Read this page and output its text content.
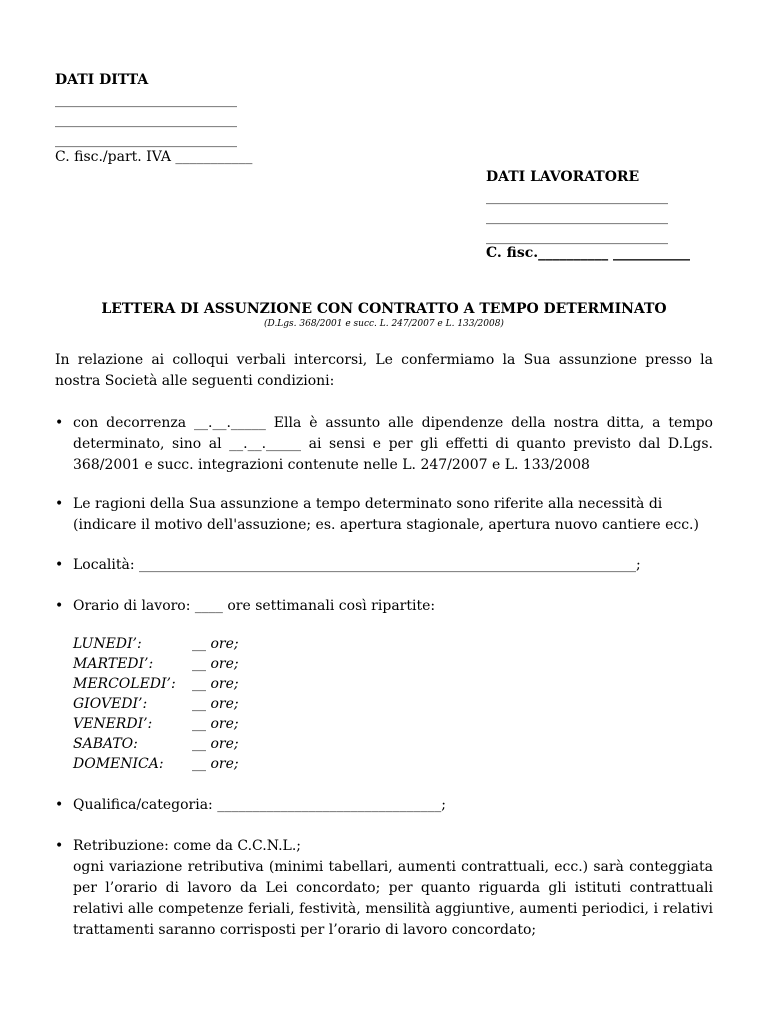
DATI DITTA
__________________________
__________________________
__________________________
C. fisc./part. IVA ___________
DATI LAVORATORE
__________________________
__________________________
__________________________
C. fisc.__________ ___________
LETTERA DI ASSUNZIONE CON CONTRATTO A TEMPO DETERMINATO
(D.Lgs. 368/2001 e succ. L. 247/2007 e L. 133/2008)
In relazione ai colloqui verbali intercorsi, Le confermiamo la Sua assunzione presso la nostra Società alle seguenti condizioni:
• con decorrenza __.__._____ Ella è assunto alle dipendenze della nostra ditta, a tempo determinato, sino al __.__._____ ai sensi e per gli effetti di quanto previsto dal D.Lgs. 368/2001 e succ. integrazioni contenute nelle L. 247/2007 e L. 133/2008
• Le ragioni della Sua assunzione a tempo determinato sono riferite alla necessità di (indicare il motivo dell'assuzione; es. apertura stagionale, apertura nuovo cantiere ecc.)
• Località: _______________________________________________________________________;
• Orario di lavoro: ____ ore settimanali così ripartite:
LUNEDI’:	__ ore;
MARTEDI’:	__ ore;
MERCOLEDI’:	__ ore;
GIOVEDI’:	__ ore;
VENERDI’:	__ ore;
SABATO:	__ ore;
DOMENICA:	__ ore;
• Qualifica/categoria: ________________________________;
• Retribuzione: come da C.C.N.L.;
ogni variazione retributiva (minimi tabellari, aumenti contrattuali, ecc.) sarà conteggiata per l’orario di lavoro da Lei concordato; per quanto riguarda gli istituti contrattuali relativi alle competenze feriali, festività, mensilità aggiuntive, aumenti periodici, i relativi trattamenti saranno corrisposti per l’orario di lavoro concordato;
